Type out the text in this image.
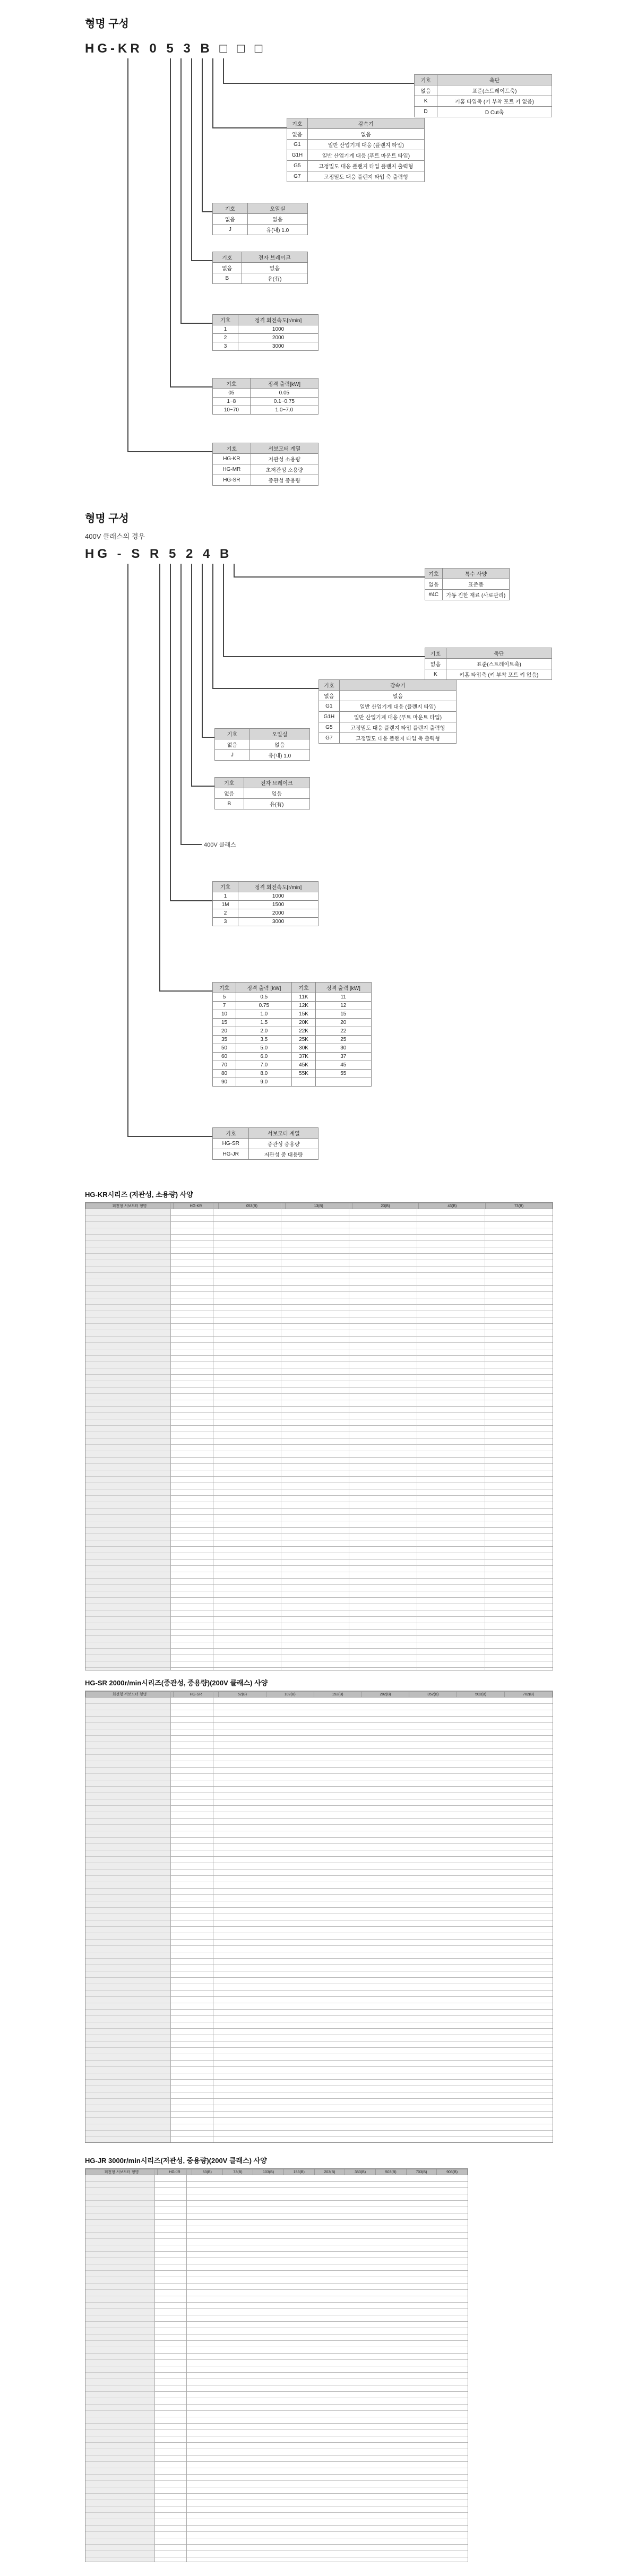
형명 구성
HG-KR 0 5 3 B □ □ □
기호	축단
없음	표준(스트레이트축)
K	키홈 타입축 (키 부착 포트 키 없음)
D	D Cut축
기호	감속기
없음	없음
G1	일반 산업기계 대응 (플랜지 타입)
G1H	일반 산업기계 대응 (푸트 마운트 타입)
G5	고정밀도 대응 플랜지 타입 플랜지 출력형
G7	고정밀도 대응 플랜지 타입 축 출력형
기호	오일실
없음	없음
J	유(내) 1.0
기호	전자 브레이크
없음	없음
B	유(有)
기호	정격 회전속도[r/min]
1	1000
2	2000
3	3000
기호	정격 출력[kW]
05	0.05
1~8	0.1~0.75
10~70	1.0~7.0
기호	서보모터 계열
HG-KR	저관성 소용량
HG-MR	초저관성 소용량
HG-SR	중관성 중용량
형명 구성
400V 클래스의 경우
HG - S R 5 2 4 B
기호	특수 사양
없음	표준품
#4C	가동 진한 재료 (사료관리)
기호	축단
없음	표준(스트레이트축)
K	키홈 타입축 (키 부착 포트 키 없음)
기호	감속기
없음	없음
G1	일반 산업기계 대응 (플랜지 타입)
G1H	일반 산업기계 대응 (푸트 마운트 타입)
G5	고정밀도 대응 플랜지 타입 플랜지 출력형
G7	고정밀도 대응 플랜지 타입 축 출력형
기호	오일실
없음	없음
J	유(내) 1.0
기호	전자 브레이크
없음	없음
B	유(有)
400V 클래스
기호	정격 회전속도[r/min]
1	1000
1M	1500
2	2000
3	3000
기호	정격 출력 [kW]	기호	정격 출력 [kW]
5	0.5	11K	11
7	0.75	12K	12
10	1.0	15K	15
15	1.5	20K	20
20	2.0	22K	22
35	3.5	25K	25
50	5.0	30K	30
60	6.0	37K	37
70	7.0	45K	45
80	8.0	55K	55
90	9.0		
기호	서보모터 계열
HG-SR	중관성 중용량
HG-JR	저관성 중 대용량
HG-KR시리즈 (저관성, 소용량) 사양
회전형 서보모터 형명	HG-KR	053(B)	13(B)	23(B)	43(B)	73(B)
HG-SR 2000r/min시리즈(중관성, 중용량)(200V 클래스) 사양
회전형 서보모터 형명	HG-SR	52(B)	102(B)	152(B)	202(B)	352(B)	502(B)	702(B)
HG-JR 3000r/min시리즈(저관성, 중용량)(200V 클래스) 사양
회전형 서보모터 형명	HG-JR	53(B)	73(B)	103(B)	153(B)	203(B)	353(B)	503(B)	703(B)	903(B)
